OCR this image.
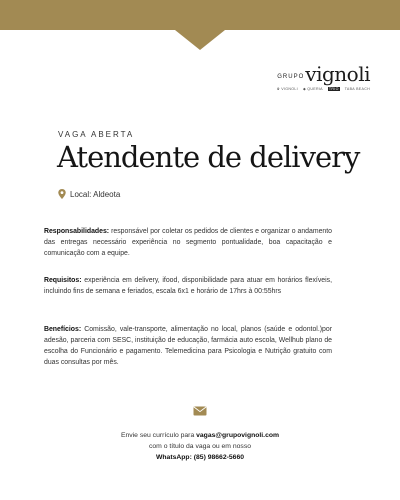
GRUPOvignoli
♛ VIGNOLI ◆ QUERIA TRIO TABA BEACH
VAGA ABERTA
Atendente de delivery
Local: Aldeota
Responsabilidades: responsável por coletar os pedidos de clientes e organizar o andamento das entregas necessário experiência no segmento pontualidade, boa capacitação e comunicação com a equipe.
Requisitos: experiência em delivery, ifood, disponibilidade para atuar em horários flexíveis, incluindo fins de semana e feriados, escala 6x1 e horário de 17hrs à 00:55hrs
Benefícios: Comissão, vale-transporte, alimentação no local, planos (saúde e odontol.)por adesão, parceria com SESC, instituição de educação, farmácia auto escola, Wellhub plano de escolha do Funcionário e pagamento. Telemedicina para Psicologia e Nutrição gratuito com duas consultas por mês.
Envie seu currículo para vagas@grupovignoli.com
com o título da vaga ou em nosso
WhatsApp: (85) 98662-5660
